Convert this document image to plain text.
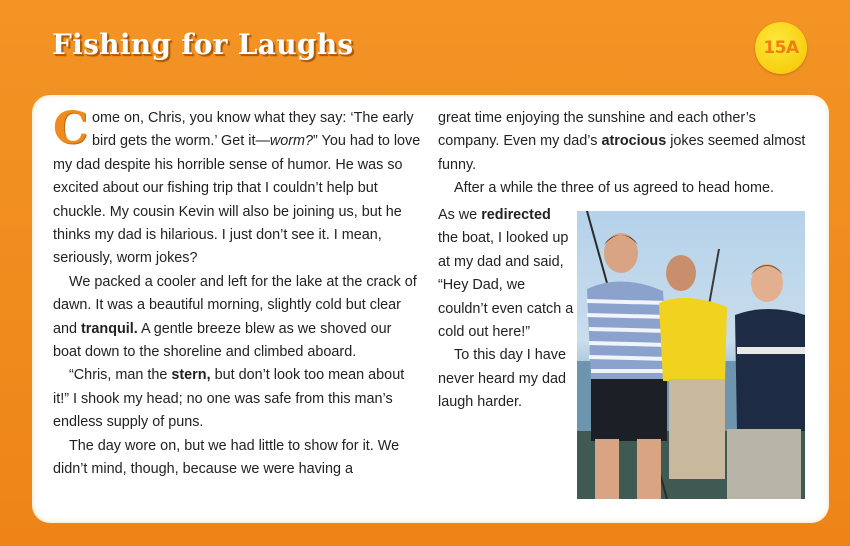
Fishing for Laughs	15A

Come on, Chris, you know what they say: ‘The early bird gets the worm.’ Get it—worm?” You had to love my dad despite his horrible sense of humor. He was so excited about our fishing trip that I couldn’t help but chuckle. My cousin Kevin will also be joining us, but he thinks my dad is hilarious. I just don’t see it. I mean, seriously, worm jokes?

We packed a cooler and left for the lake at the crack of dawn. It was a beautiful morning, slightly cold but clear and tranquil. A gentle breeze blew as we shoved our boat down to the shoreline and climbed aboard.

“Chris, man the stern, but don’t look too mean about it!” I shook my head; no one was safe from this man’s endless supply of puns.

The day wore on, but we had little to show for it. We didn’t mind, though, because we were having a

great time enjoying the sunshine and each other’s company. Even my dad’s atrocious jokes seemed almost funny.

After a while the three of us agreed to head home.

As we redirected the boat, I looked up at my dad and said, “Hey Dad, we couldn’t even catch a cold out here!”

To this day I have never heard my dad laugh harder.
